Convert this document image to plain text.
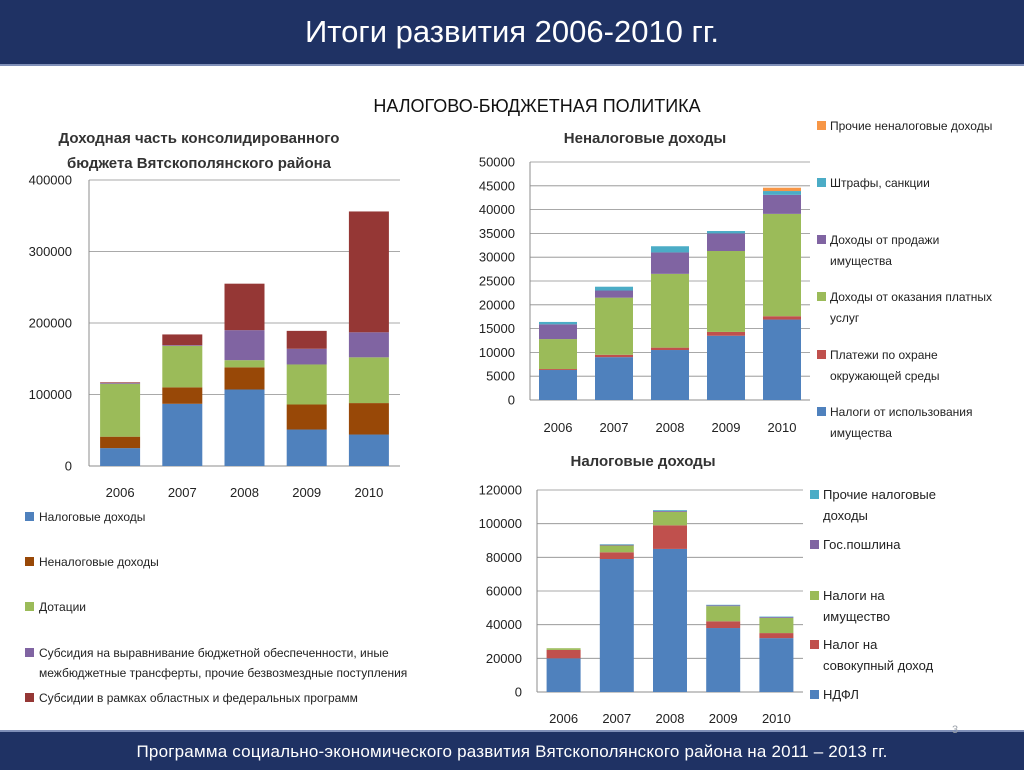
Итоги развития 2006-2010 гг.
НАЛОГОВО-БЮДЖЕТНАЯ ПОЛИТИКА
Доходная часть консолидированного
бюджета Вятскополянского района
0
100000
200000
300000
400000
2006	2007	2008	2009	2010
Налоговые доходы
Неналоговые доходы
Дотации
Субсидия на выравнивание бюджетной обеспеченности, иные
межбюджетные трансферты, прочие безвозмездные поступления
Субсидии в рамках областных и федеральных программ
Неналоговые доходы
0
5000
10000
15000
20000
25000
30000
35000
40000
45000
50000
2006 2007 2008 2009 2010
Прочие неналоговые доходы
Штрафы, санкции
Доходы от продажи
имущества
Доходы от оказания платных
услуг
Платежи по охране
окружающей среды
Налоги от использования
имущества
Налоговые доходы
0
20000
40000
60000
80000
100000
120000
2006 2007 2008 2009 2010
Прочие налоговые
доходы
Гос.пошлина
Налоги на
имущество
Налог на
совокупный доход
НДФЛ
Программа социально-экономического развития Вятскополянского района на 2011 – 2013 гг.
3
